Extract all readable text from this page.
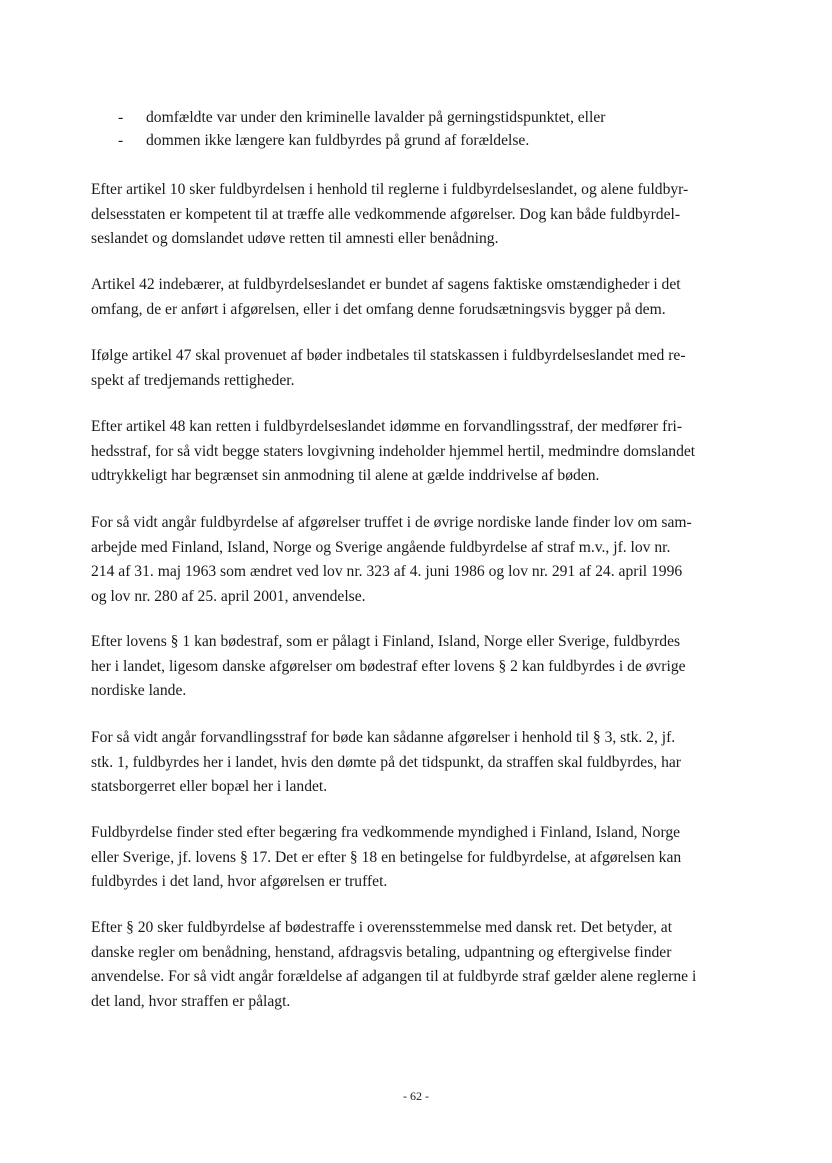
- domfældte var under den kriminelle lavalder på gerningstidspunktet, eller
- dommen ikke længere kan fuldbyrdes på grund af forældelse.

Efter artikel 10 sker fuldbyrdelsen i henhold til reglerne i fuldbyrdelseslandet, og alene fuldbyr-
delsesstaten er kompetent til at træffe alle vedkommende afgørelser. Dog kan både fuldbyrdel-
seslandet og domslandet udøve retten til amnesti eller benådning.

Artikel 42 indebærer, at fuldbyrdelseslandet er bundet af sagens faktiske omstændigheder i det
omfang, de er anført i afgørelsen, eller i det omfang denne forudsætningsvis bygger på dem.

Ifølge artikel 47 skal provenuet af bøder indbetales til statskassen i fuldbyrdelseslandet med re-
spekt af tredjemands rettigheder.

Efter artikel 48 kan retten i fuldbyrdelseslandet idømme en forvandlingsstraf, der medfører fri-
hedsstraf, for så vidt begge staters lovgivning indeholder hjemmel hertil, medmindre domslandet
udtrykkeligt har begrænset sin anmodning til alene at gælde inddrivelse af bøden.

For så vidt angår fuldbyrdelse af afgørelser truffet i de øvrige nordiske lande finder lov om sam-
arbejde med Finland, Island, Norge og Sverige angående fuldbyrdelse af straf m.v., jf. lov nr.
214 af 31. maj 1963 som ændret ved lov nr. 323 af 4. juni 1986 og lov nr. 291 af 24. april 1996
og lov nr. 280 af 25. april 2001, anvendelse.

Efter lovens § 1 kan bødestraf, som er pålagt i Finland, Island, Norge eller Sverige, fuldbyrdes
her i landet, ligesom danske afgørelser om bødestraf efter lovens § 2 kan fuldbyrdes i de øvrige
nordiske lande.

For så vidt angår forvandlingsstraf for bøde kan sådanne afgørelser i henhold til § 3, stk. 2, jf.
stk. 1, fuldbyrdes her i landet, hvis den dømte på det tidspunkt, da straffen skal fuldbyrdes, har
statsborgerret eller bopæl her i landet.

Fuldbyrdelse finder sted efter begæring fra vedkommende myndighed i Finland, Island, Norge
eller Sverige, jf. lovens § 17. Det er efter § 18 en betingelse for fuldbyrdelse, at afgørelsen kan
fuldbyrdes i det land, hvor afgørelsen er truffet.

Efter § 20 sker fuldbyrdelse af bødestraffe i overensstemmelse med dansk ret. Det betyder, at
danske regler om benådning, henstand, afdragsvis betaling, udpantning og eftergivelse finder
anvendelse. For så vidt angår forældelse af adgangen til at fuldbyrde straf gælder alene reglerne i
det land, hvor straffen er pålagt.

- 62 -
